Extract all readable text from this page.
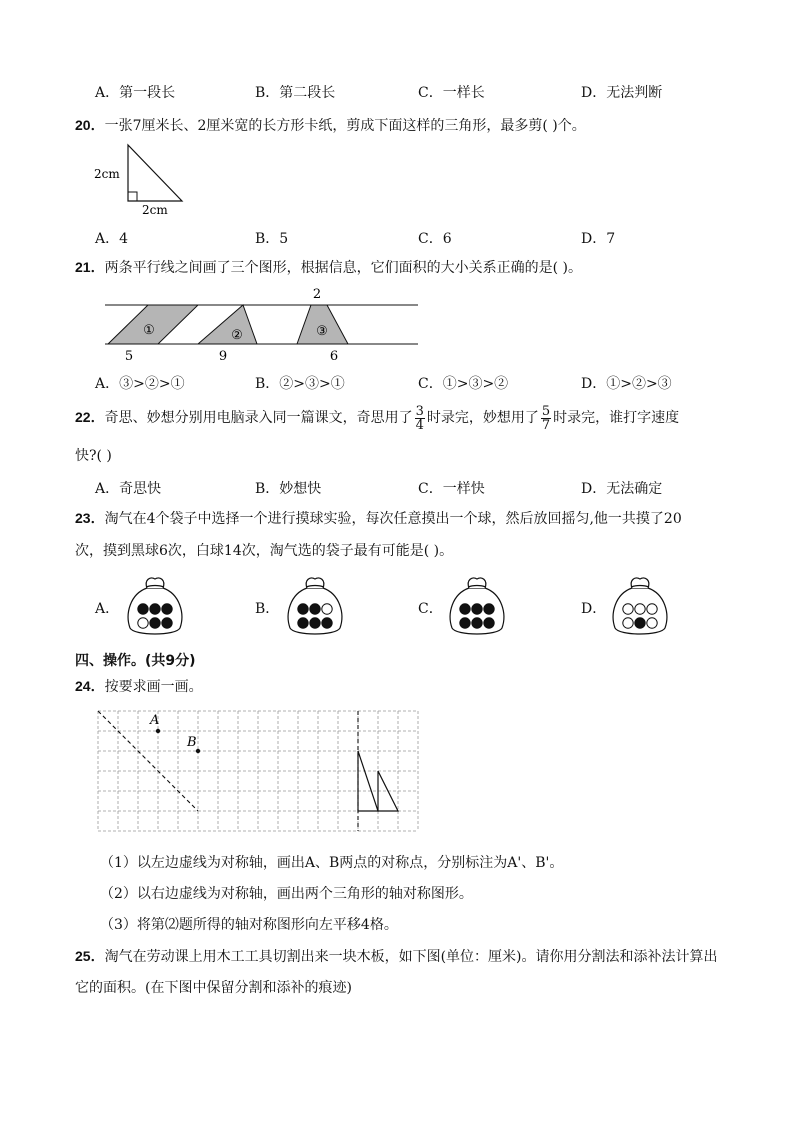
A．第一段长	B．第二段长	C．一样长	D．无法判断
20．一张7厘米长、2厘米宽的长方形卡纸，剪成下面这样的三角形，最多剪( )个。
2cm
2cm
A．4	B．5	C．6	D．7
21．两条平行线之间画了三个图形，根据信息，它们面积的大小关系正确的是( )。
2
①	②	③
5	9	6
A．③>②>①	B．②>③>①	C．①>③>②	D．①>②>③
22．奇思、妙想分别用电脑录入同一篇课文，奇思用了 $\frac{3}{4}$ 时录完，妙想用了 $\frac{5}{7}$ 时录完，谁打字速度
快?( )
A．奇思快	B．妙想快	C．一样快	D．无法确定
23．淘气在4个袋子中选择一个进行摸球实验，每次任意摸出一个球，然后放回摇匀,他一共摸了20
次，摸到黑球6次，白球14次，淘气选的袋子最有可能是( )。
A．	B．	C．	D．
四、操作。(共9分)
24．按要求画一画。
A
B
（1）以左边虚线为对称轴，画出A、B两点的对称点，分别标注为A'、B'。
（2）以右边虚线为对称轴，画出两个三角形的轴对称图形。
（3）将第⑵题所得的轴对称图形向左平移4格。
25．淘气在劳动课上用木工工具切割出来一块木板，如下图(单位：厘米)。请你用分割法和添补法计算出
它的面积。(在下图中保留分割和添补的痕迹)
